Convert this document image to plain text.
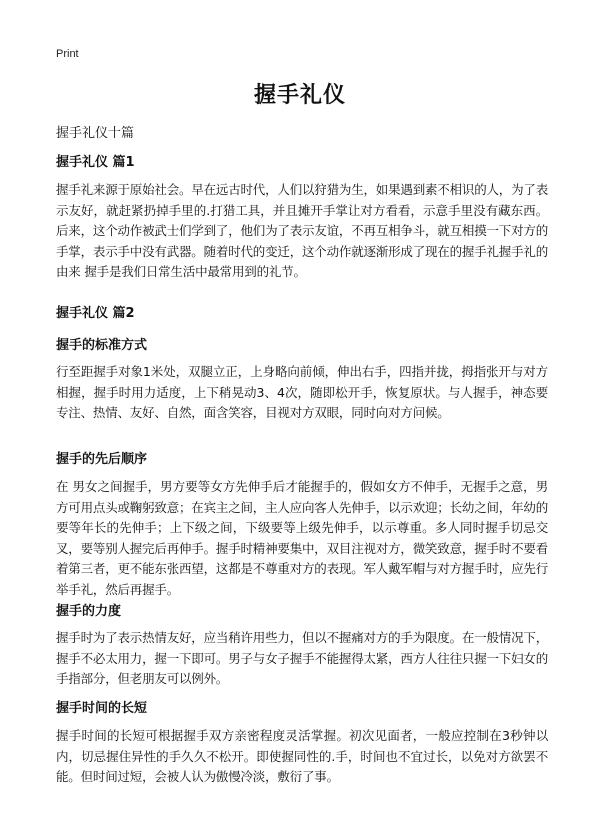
Print
握手礼仪
握手礼仪十篇
握手礼仪 篇1
握手礼来源于原始社会。早在远古时代，人们以狩猎为生，如果遇到素不相识的人，为了表示友好，就赶紧扔掉手里的.打猎工具，并且摊开手掌让对方看看，示意手里没有藏东西。后来，这个动作被武士们学到了，他们为了表示友谊，不再互相争斗，就互相摸一下对方的手掌，表示手中没有武器。随着时代的变迁，这个动作就逐渐形成了现在的握手礼握手礼的由来 握手是我们日常生活中最常用到的礼节。
握手礼仪 篇2
握手的标准方式
行至距握手对象1米处，双腿立正，上身略向前倾，伸出右手，四指并拢，拇指张开与对方相握，握手时用力适度，上下稍晃动3、4次，随即松开手，恢复原状。与人握手，神态要专注、热情、友好、自然，面含笑容，目视对方双眼，同时向对方问候。
握手的先后顺序
在 男女之间握手，男方要等女方先伸手后才能握手的，假如女方不伸手，无握手之意，男方可用点头或鞠躬致意；在宾主之间，主人应向客人先伸手，以示欢迎；长幼之间，年幼的要等年长的先伸手；上下级之间，下级要等上级先伸手，以示尊重。多人同时握手切忌交叉，要等别人握完后再伸手。握手时精神要集中，双目注视对方，微笑致意，握手时不要看着第三者，更不能东张西望，这都是不尊重对方的表现。军人戴军帽与对方握手时，应先行举手礼，然后再握手。
握手的力度
握手时为了表示热情友好，应当稍许用些力，但以不握痛对方的手为限度。在一般情况下，握手不必太用力，握一下即可。男子与女子握手不能握得太紧，西方人往往只握一下妇女的手指部分，但老朋友可以例外。
握手时间的长短
握手时间的长短可根据握手双方亲密程度灵活掌握。初次见面者，一般应控制在3秒钟以内，切忌握住异性的手久久不松开。即使握同性的.手，时间也不宜过长，以免对方欲罢不能。但时间过短，会被人认为傲慢冷淡，敷衍了事。
